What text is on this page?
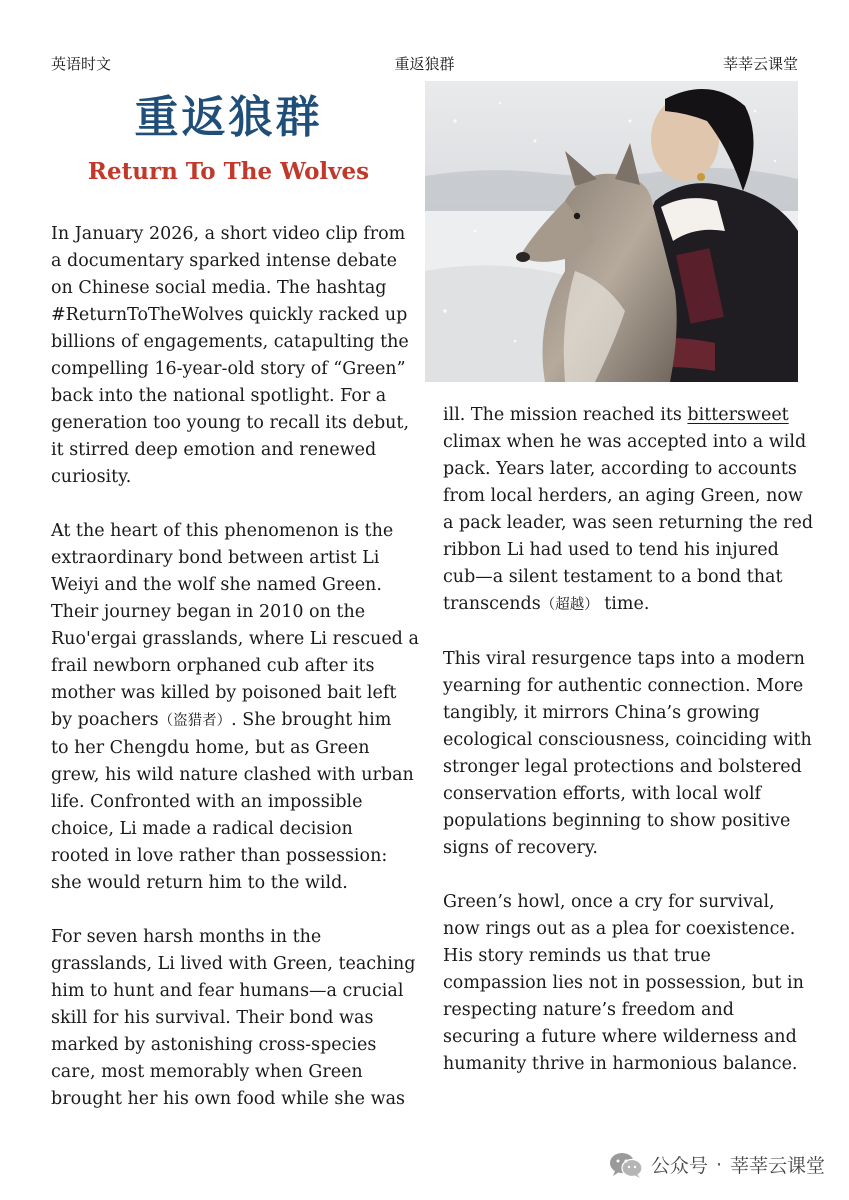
英语时文	重返狼群	莘莘云课堂
重返狼群
Return To The Wolves

In January 2026, a short video clip from
a documentary sparked intense debate
on Chinese social media. The hashtag
#ReturnToTheWolves quickly racked up
billions of engagements, catapulting the
compelling 16-year-old story of “Green”
back into the national spotlight. For a
generation too young to recall its debut,
it stirred deep emotion and renewed
curiosity.

At the heart of this phenomenon is the
extraordinary bond between artist Li
Weiyi and the wolf she named Green.
Their journey began in 2010 on the
Ruo'ergai grasslands, where Li rescued a
frail newborn orphaned cub after its
mother was killed by poisoned bait left
by poachers（盗猎者）. She brought him
to her Chengdu home, but as Green
grew, his wild nature clashed with urban
life. Confronted with an impossible
choice, Li made a radical decision
rooted in love rather than possession:
she would return him to the wild.

For seven harsh months in the
grasslands, Li lived with Green, teaching
him to hunt and fear humans—a crucial
skill for his survival. Their bond was
marked by astonishing cross-species
care, most memorably when Green
brought her his own food while she was

ill. The mission reached its bittersweet
climax when he was accepted into a wild
pack. Years later, according to accounts
from local herders, an aging Green, now
a pack leader, was seen returning the red
ribbon Li had used to tend his injured
cub—a silent testament to a bond that
transcends（超越） time.

This viral resurgence taps into a modern
yearning for authentic connection. More
tangibly, it mirrors China’s growing
ecological consciousness, coinciding with
stronger legal protections and bolstered
conservation efforts, with local wolf
populations beginning to show positive
signs of recovery.

Green’s howl, once a cry for survival,
now rings out as a plea for coexistence.
His story reminds us that true
compassion lies not in possession, but in
respecting nature’s freedom and
securing a future where wilderness and
humanity thrive in harmonious balance.

公众号 · 莘莘云课堂
